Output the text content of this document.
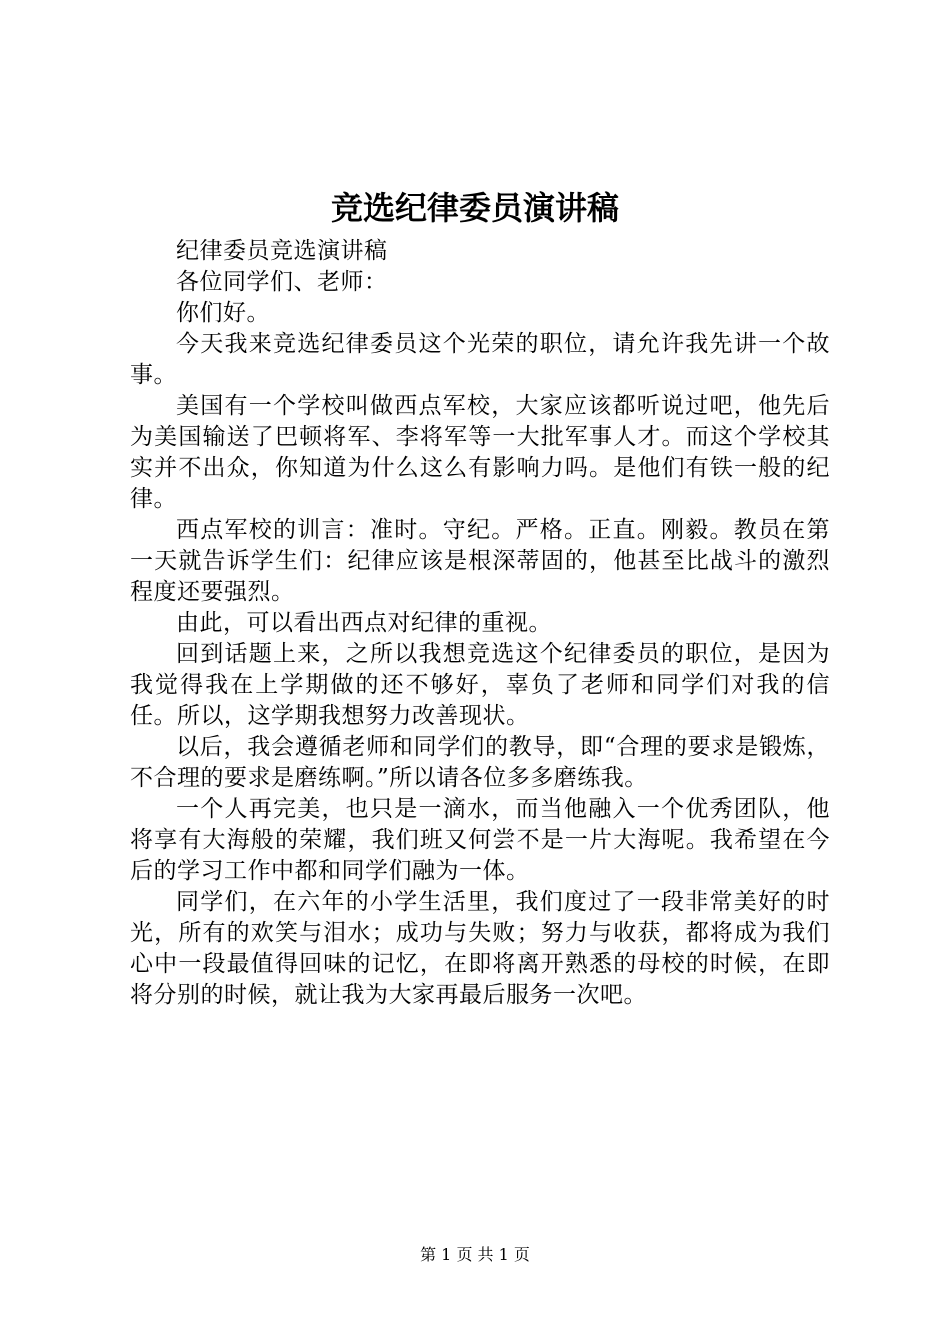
竞选纪律委员演讲稿

纪律委员竞选演讲稿

各位同学们、老师：

你们好。

今天我来竞选纪律委员这个光荣的职位，请允许我先讲一个故事。

美国有一个学校叫做西点军校，大家应该都听说过吧，他先后为美国输送了巴顿将军、李将军等一大批军事人才。而这个学校其实并不出众，你知道为什么这么有影响力吗。是他们有铁一般的纪律。

西点军校的训言：准时。守纪。严格。正直。刚毅。教员在第一天就告诉学生们：纪律应该是根深蒂固的，他甚至比战斗的激烈程度还要强烈。

由此，可以看出西点对纪律的重视。

回到话题上来，之所以我想竞选这个纪律委员的职位，是因为我觉得我在上学期做的还不够好，辜负了老师和同学们对我的信任。所以，这学期我想努力改善现状。

以后，我会遵循老师和同学们的教导，即“合理的要求是锻炼，不合理的要求是磨练啊。”所以请各位多多磨练我。

一个人再完美，也只是一滴水，而当他融入一个优秀团队，他将享有大海般的荣耀，我们班又何尝不是一片大海呢。我希望在今后的学习工作中都和同学们融为一体。

同学们，在六年的小学生活里，我们度过了一段非常美好的时光，所有的欢笑与泪水；成功与失败；努力与收获，都将成为我们心中一段最值得回味的记忆，在即将离开熟悉的母校的时候，在即将分别的时候，就让我为大家再最后服务一次吧。

第 1 页 共 1 页
